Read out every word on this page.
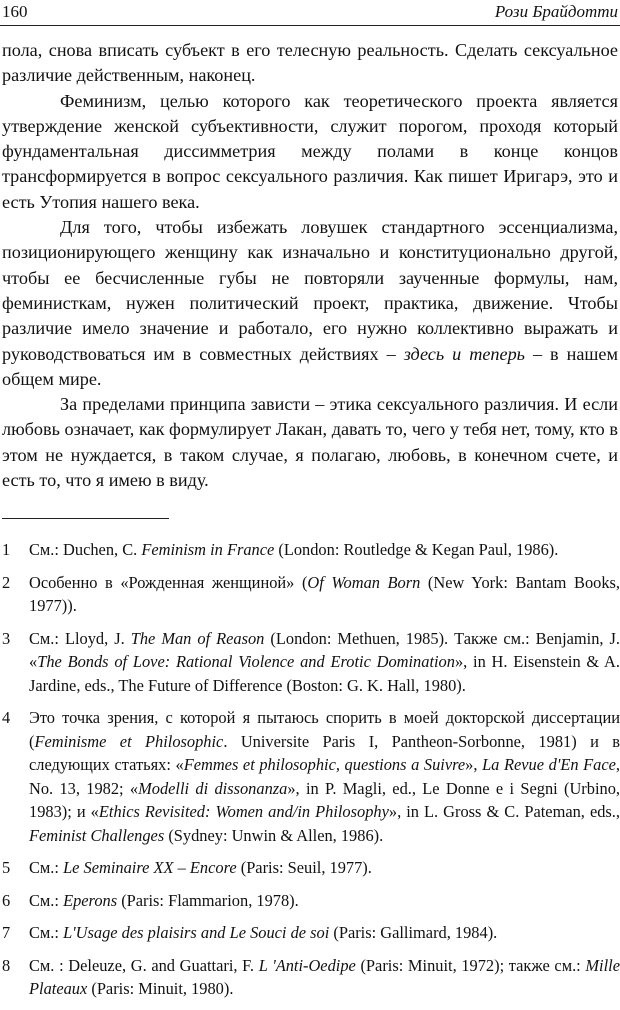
160	Рози Брайдотти

пола, снова вписать субъект в его телесную реальность. Сделать сексуальное различие действенным, наконец.

Феминизм, целью которого как теоретического проекта является утверждение женской субъективности, служит порогом, проходя который фундаментальная диссимметрия между полами в конце концов трансформируется в вопрос сексуального различия. Как пишет Иригарэ, это и есть Утопия нашего века.

Для того, чтобы избежать ловушек стандартного эссенциализма, позиционирующего женщину как изначально и конституционально другой, чтобы ее бесчисленные губы не повторяли заученные формулы, нам, феминисткам, нужен политический проект, практика, движение. Чтобы различие имело значение и работало, его нужно коллективно выражать и руководствоваться им в совместных действиях – здесь и теперь – в нашем общем мире.

За пределами принципа зависти – этика сексуального различия. И если любовь означает, как формулирует Лакан, давать то, чего у тебя нет, тому, кто в этом не нуждается, в таком случае, я полагаю, любовь, в конечном счете, и есть то, что я имею в виду.

1 См.: Duchen, C. Feminism in France (London: Routledge & Kegan Paul, 1986).
2 Особенно в «Рожденная женщиной» (Of Woman Born (New York: Bantam Books, 1977)).
3 См.: Lloyd, J. The Man of Reason (London: Methuen, 1985). Также см.: Benjamin, J. «The Bonds of Love: Rational Violence and Erotic Domination», in H. Eisenstein & A. Jardine, eds., The Future of Difference (Boston: G. K. Hall, 1980).
4 Это точка зрения, с которой я пытаюсь спорить в моей докторской диссертации (Feminisme et Philosophic. Universite Paris I, Pantheon-Sorbonne, 1981) и в следующих статьях: «Femmes et philosophic, questions a Suivre», La Revue d'En Face, No. 13, 1982; «Modelli di dissonanza», in P. Magli, ed., Le Donne e i Segni (Urbino, 1983); и «Ethics Revisited: Women and/in Philosophy», in L. Gross & C. Pateman, eds., Feminist Challenges (Sydney: Unwin & Allen, 1986).
5 См.: Le Seminaire XX – Encore (Paris: Seuil, 1977).
6 См.: Eperons (Paris: Flammarion, 1978).
7 См.: L'Usage des plaisirs and Le Souci de soi (Paris: Gallimard, 1984).
8 См. : Deleuze, G. and Guattari, F. L 'Anti-Oedipe (Paris: Minuit, 1972); также см.: Mille Plateaux (Paris: Minuit, 1980).
